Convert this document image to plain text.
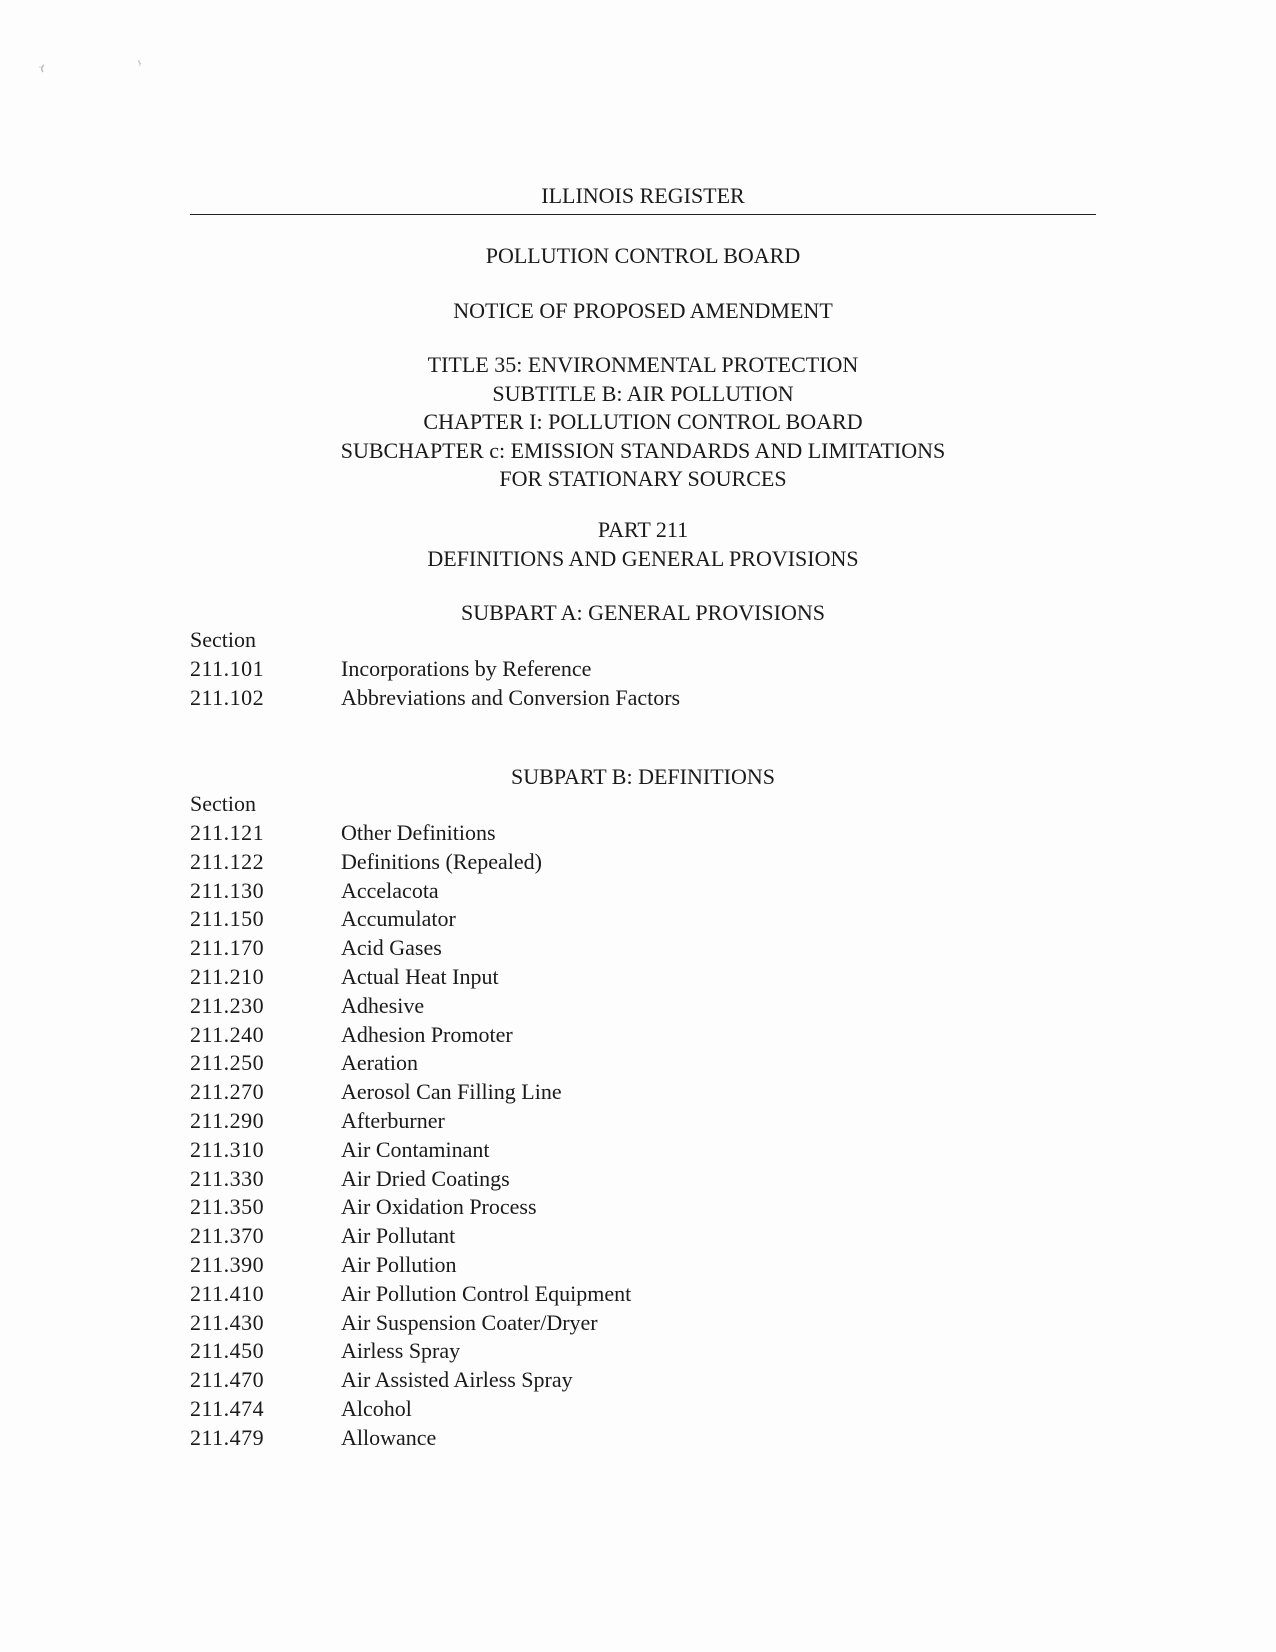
ILLINOIS REGISTER
POLLUTION CONTROL BOARD
NOTICE OF PROPOSED AMENDMENT
TITLE 35: ENVIRONMENTAL PROTECTION
SUBTITLE B: AIR POLLUTION
CHAPTER I: POLLUTION CONTROL BOARD
SUBCHAPTER c: EMISSION STANDARDS AND LIMITATIONS
FOR STATIONARY SOURCES
PART 211
DEFINITIONS AND GENERAL PROVISIONS
SUBPART A: GENERAL PROVISIONS
Section
211.101	Incorporations by Reference
211.102	Abbreviations and Conversion Factors
SUBPART B: DEFINITIONS
Section
211.121	Other Definitions
211.122	Definitions (Repealed)
211.130	Accelacota
211.150	Accumulator
211.170	Acid Gases
211.210	Actual Heat Input
211.230	Adhesive
211.240	Adhesion Promoter
211.250	Aeration
211.270	Aerosol Can Filling Line
211.290	Afterburner
211.310	Air Contaminant
211.330	Air Dried Coatings
211.350	Air Oxidation Process
211.370	Air Pollutant
211.390	Air Pollution
211.410	Air Pollution Control Equipment
211.430	Air Suspension Coater/Dryer
211.450	Airless Spray
211.470	Air Assisted Airless Spray
211.474	Alcohol
211.479	Allowance
